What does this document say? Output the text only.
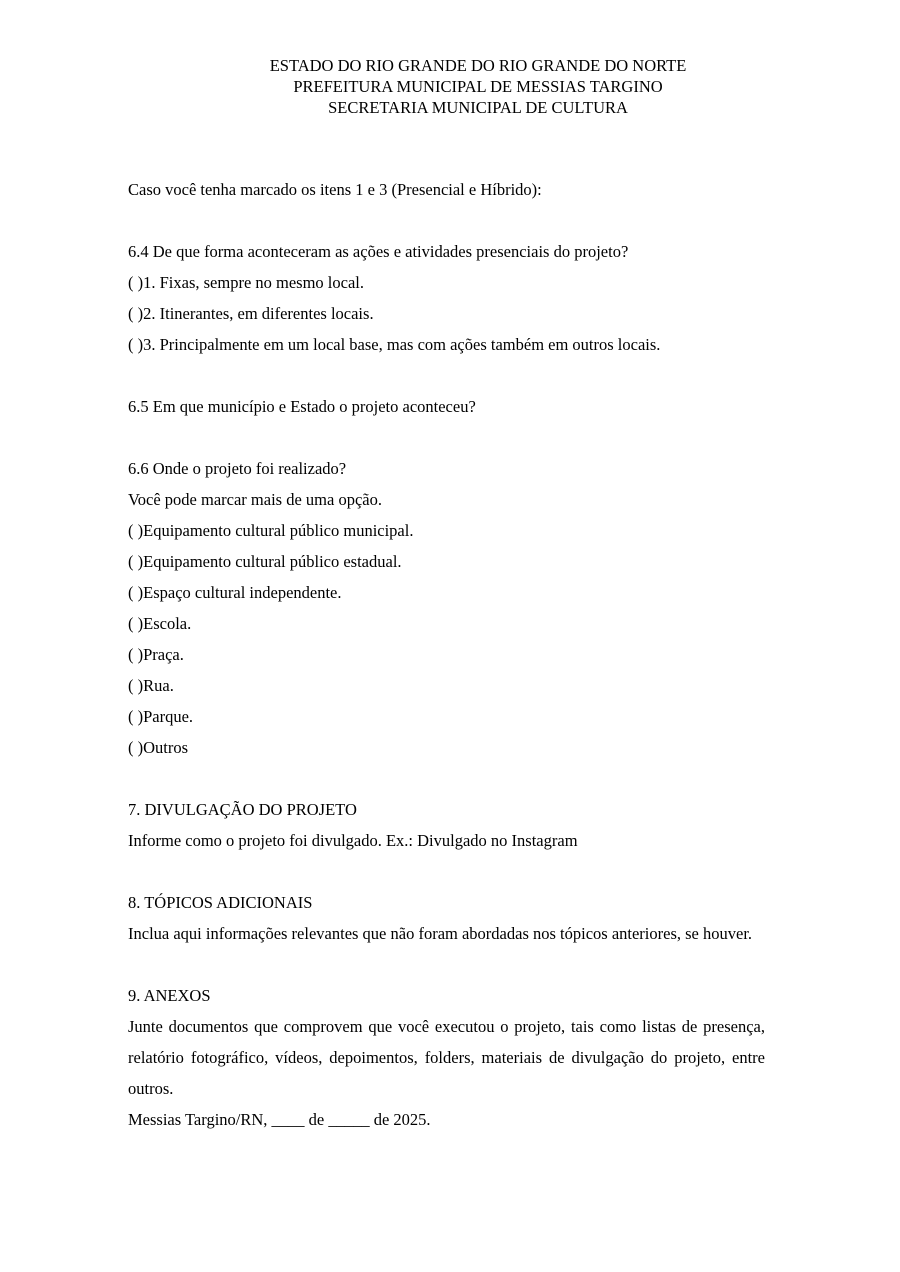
ESTADO DO RIO GRANDE DO RIO GRANDE DO NORTE
PREFEITURA MUNICIPAL DE MESSIAS TARGINO
SECRETARIA MUNICIPAL DE CULTURA

Caso você tenha marcado os itens 1 e 3 (Presencial e Híbrido):

6.4 De que forma aconteceram as ações e atividades presenciais do projeto?

( )1. Fixas, sempre no mesmo local.

( )2. Itinerantes, em diferentes locais.

( )3. Principalmente em um local base, mas com ações também em outros locais.

6.5 Em que município e Estado o projeto aconteceu?
6.6 Onde o projeto foi realizado?

Você pode marcar mais de uma opção.

( )Equipamento cultural público municipal.

( )Equipamento cultural público estadual.

( )Espaço cultural independente.

( )Escola.

( )Praça.

( )Rua.

( )Parque.

( )Outros

7. DIVULGAÇÃO DO PROJETO

Informe como o projeto foi divulgado. Ex.: Divulgado no Instagram

8. TÓPICOS ADICIONAIS

Inclua aqui informações relevantes que não foram abordadas nos tópicos anteriores, se houver.

9. ANEXOS

Junte documentos que comprovem que você executou o projeto, tais como listas de presença, relatório fotográfico, vídeos, depoimentos, folders, materiais de divulgação do projeto, entre outros.

Messias Targino/RN, ____ de _____ de 2025.
